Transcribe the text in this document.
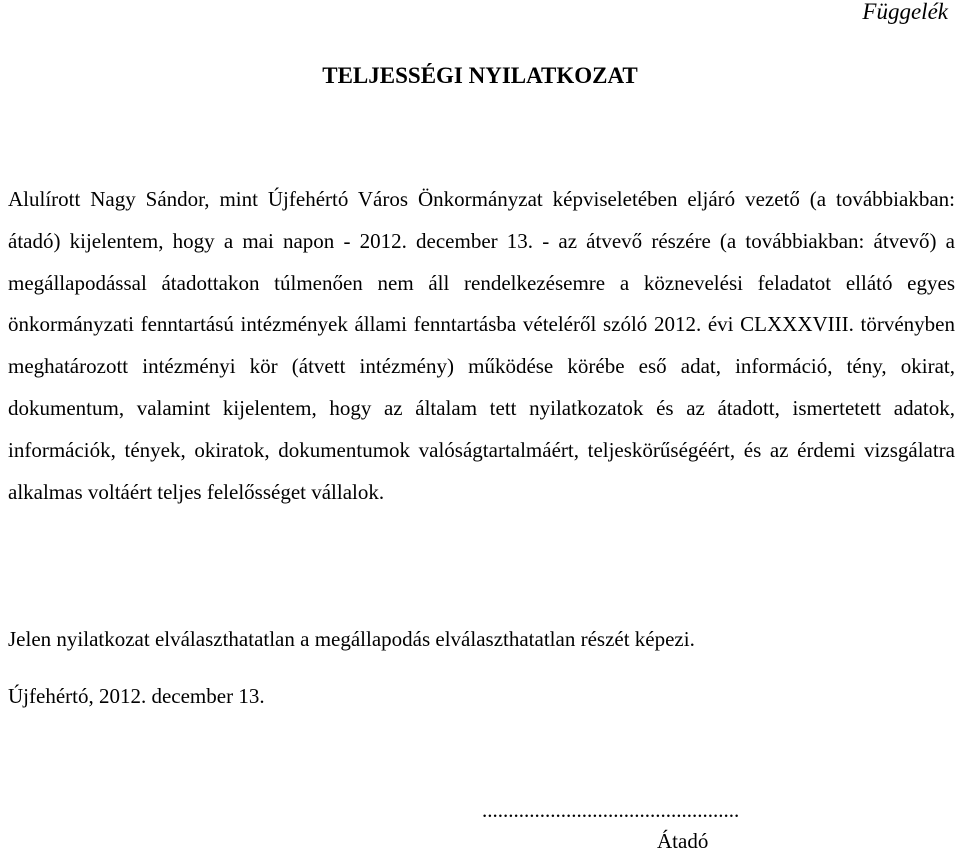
Függelék
TELJESSÉGI NYILATKOZAT

Alulírott Nagy Sándor, mint Újfehértó Város Önkormányzat képviseletében eljáró vezető (a továbbiakban: átadó) kijelentem, hogy a mai napon - 2012. december 13. - az átvevő részére (a továbbiakban: átvevő) a megállapodással átadottakon túlmenően nem áll rendelkezésemre a köznevelési feladatot ellátó egyes önkormányzati fenntartású intézmények állami fenntartásba vételéről szóló 2012. évi CLXXXVIII. törvényben meghatározott intézményi kör (átvett intézmény) működése körébe eső adat, információ, tény, okirat, dokumentum, valamint kijelentem, hogy az általam tett nyilatkozatok és az átadott, ismertetett adatok, információk, tények, okiratok, dokumentumok valóságtartalmáért, teljeskörűségéért, és az érdemi vizsgálatra alkalmas voltáért teljes felelősséget vállalok.

Jelen nyilatkozat elválaszthatatlan a megállapodás elválaszthatatlan részét képezi.
Újfehértó, 2012. december 13.
.................................................
Átadó
